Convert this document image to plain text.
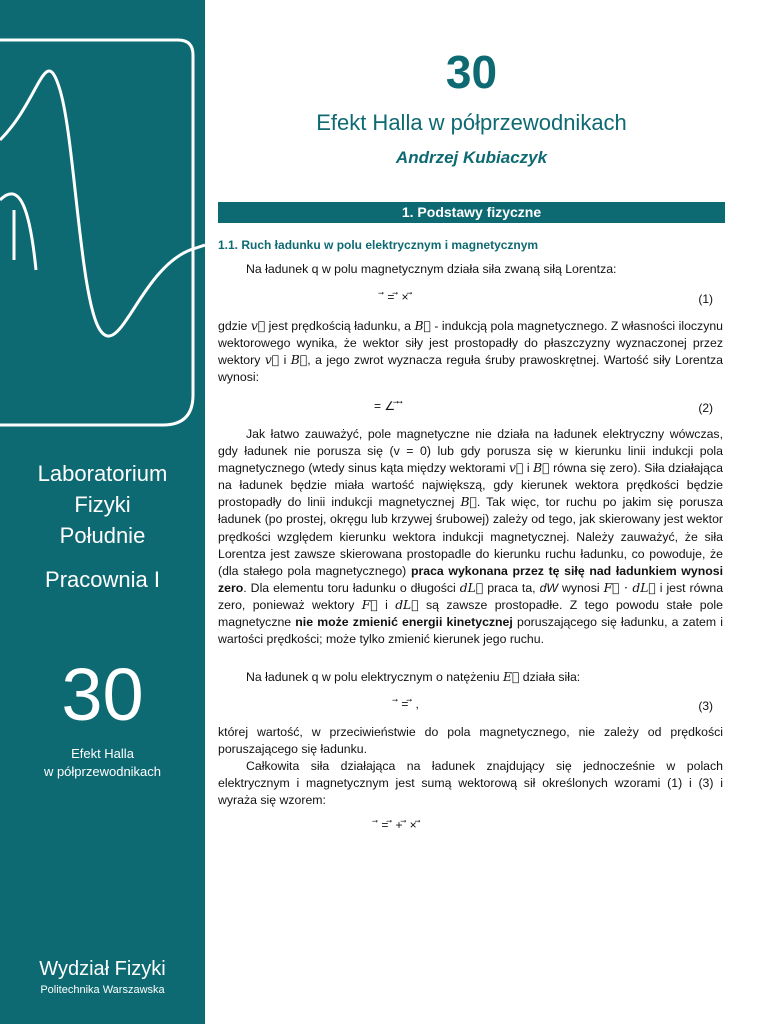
Laboratorium
Fizyki
Południe
Pracownia I
30
Efekt Halla
w półprzewodnikach
Wydział Fizyki
Politechnika Warszawska
30
Efekt Halla w półprzewodnikach
Andrzej Kubiaczyk
1. Podstawy fizyczne
1.1. Ruch ładunku w polu elektrycznym i magnetycznym
Na ładunek q w polu magnetycznym działa siła zwaną siłą Lorentza:
⃗ = ⃗ × ⃗	(1)
gdzie v⃗ jest prędkością ładunku, a B⃗ - indukcją pola magnetycznego. Z własności iloczynu wektorowego wynika, że wektor siły jest prostopadły do płaszczyzny wyznaczonej przez wektory v⃗ i B⃗, a jego zwrot wyznacza reguła śruby prawoskrętnej. Wartość siły Lorentza wynosi:
= ∠ ⃗ ⃗	(2)
Jak łatwo zauważyć, pole magnetyczne nie działa na ładunek elektryczny wówczas, gdy ładunek nie porusza się (v = 0) lub gdy porusza się w kierunku linii indukcji pola magnetycznego (wtedy sinus kąta między wektorami v⃗ i B⃗ równa się zero). Siła działająca na ładunek będzie miała wartość największą, gdy kierunek wektora prędkości będzie prostopadły do linii indukcji magnetycznej B⃗. Tak więc, tor ruchu po jakim się porusza ładunek (po prostej, okręgu lub krzywej śrubowej) zależy od tego, jak skierowany jest wektor prędkości względem kierunku wektora indukcji magnetycznej. Należy zauważyć, że siła Lorentza jest zawsze skierowana prostopadle do kierunku ruchu ładunku, co powoduje, że (dla stałego pola magnetycznego) praca wykonana przez tę siłę nad ładunkiem wynosi zero. Dla elementu toru ładunku o długości dL⃗ praca ta, dW wynosi F⃗ · dL⃗ i jest równa zero, ponieważ wektory F⃗ i dL⃗ są zawsze prostopadłe. Z tego powodu stałe pole magnetyczne nie może zmienić energii kinetycznej poruszającego się ładunku, a zatem i wartości prędkości; może tylko zmienić kierunek jego ruchu.
Na ładunek q w polu elektrycznym o natężeniu E⃗ działa siła:
⃗ = ⃗ ,	(3)
której wartość, w przeciwieństwie do pola magnetycznego, nie zależy od prędkości poruszającego się ładunku.
Całkowita siła działająca na ładunek znajdujący się jednocześnie w polach elektrycznym i magnetycznym jest sumą wektorową sił określonych wzorami (1) i (3) i wyraża się wzorem:
⃗ = ⃗ + ⃗ × ⃗
